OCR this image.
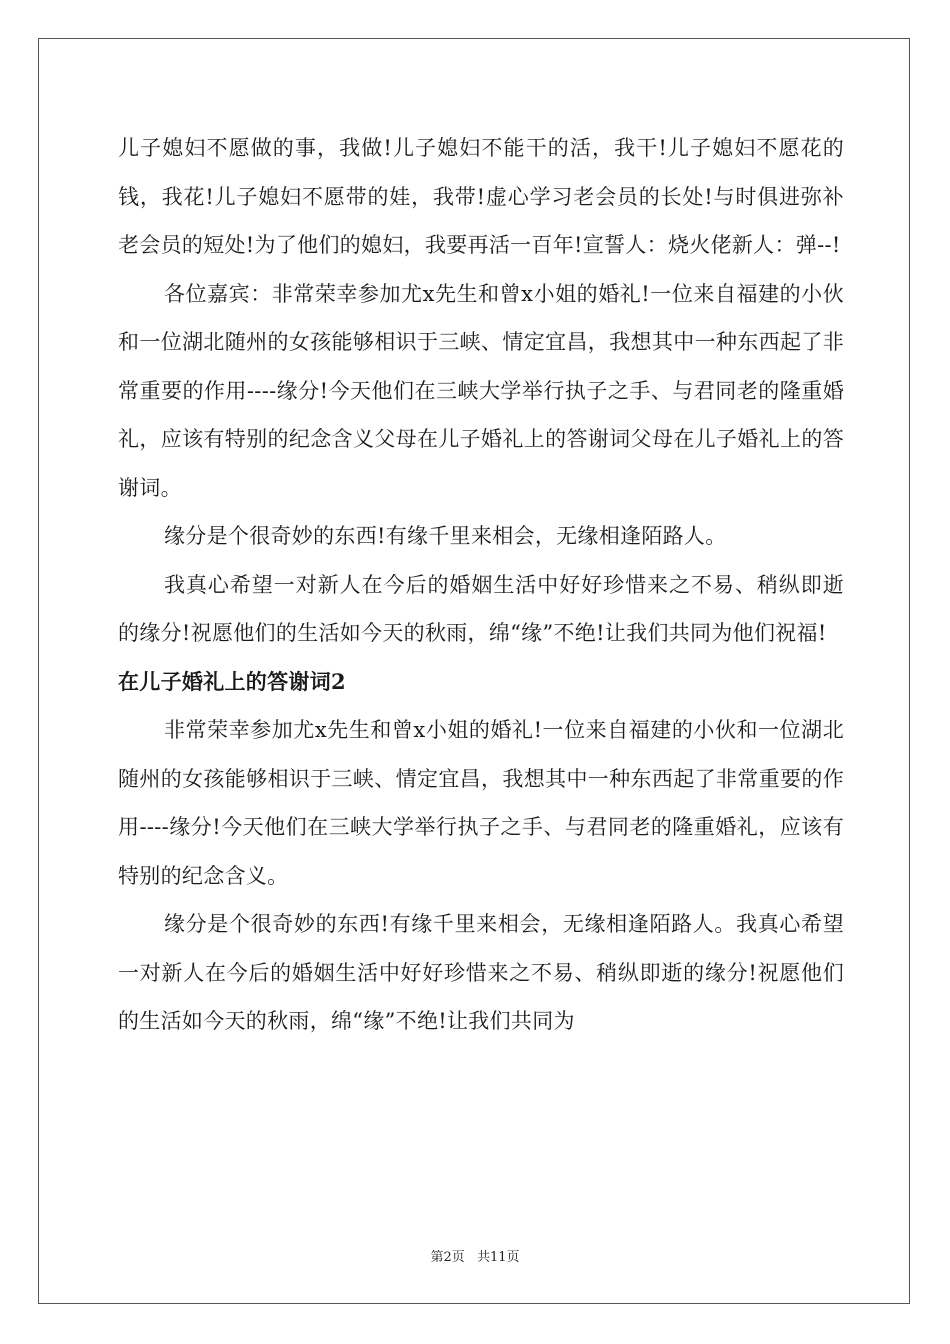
儿子媳妇不愿做的事，我做!儿子媳妇不能干的活，我干!儿子媳妇不愿花的钱，我花!儿子媳妇不愿带的娃，我带!虚心学习老会员的长处!与时俱进弥补老会员的短处!为了他们的媳妇，我要再活一百年!宣誓人：烧火佬新人：弹--!

各位嘉宾：非常荣幸参加尤x先生和曾x小姐的婚礼!一位来自福建的小伙和一位湖北随州的女孩能够相识于三峡、情定宜昌，我想其中一种东西起了非常重要的作用----缘分!今天他们在三峡大学举行执子之手、与君同老的隆重婚礼，应该有特别的纪念含义父母在儿子婚礼上的答谢词父母在儿子婚礼上的答谢词。

缘分是个很奇妙的东西!有缘千里来相会，无缘相逢陌路人。

我真心希望一对新人在今后的婚姻生活中好好珍惜来之不易、稍纵即逝的缘分!祝愿他们的生活如今天的秋雨，绵“缘”不绝!让我们共同为他们祝福!

在儿子婚礼上的答谢词2

非常荣幸参加尤x先生和曾x小姐的婚礼!一位来自福建的小伙和一位湖北随州的女孩能够相识于三峡、情定宜昌，我想其中一种东西起了非常重要的作用----缘分!今天他们在三峡大学举行执子之手、与君同老的隆重婚礼，应该有特别的纪念含义。

缘分是个很奇妙的东西!有缘千里来相会，无缘相逢陌路人。我真心希望一对新人在今后的婚姻生活中好好珍惜来之不易、稍纵即逝的缘分!祝愿他们的生活如今天的秋雨，绵“缘”不绝!让我们共同为

第2页 共11页
